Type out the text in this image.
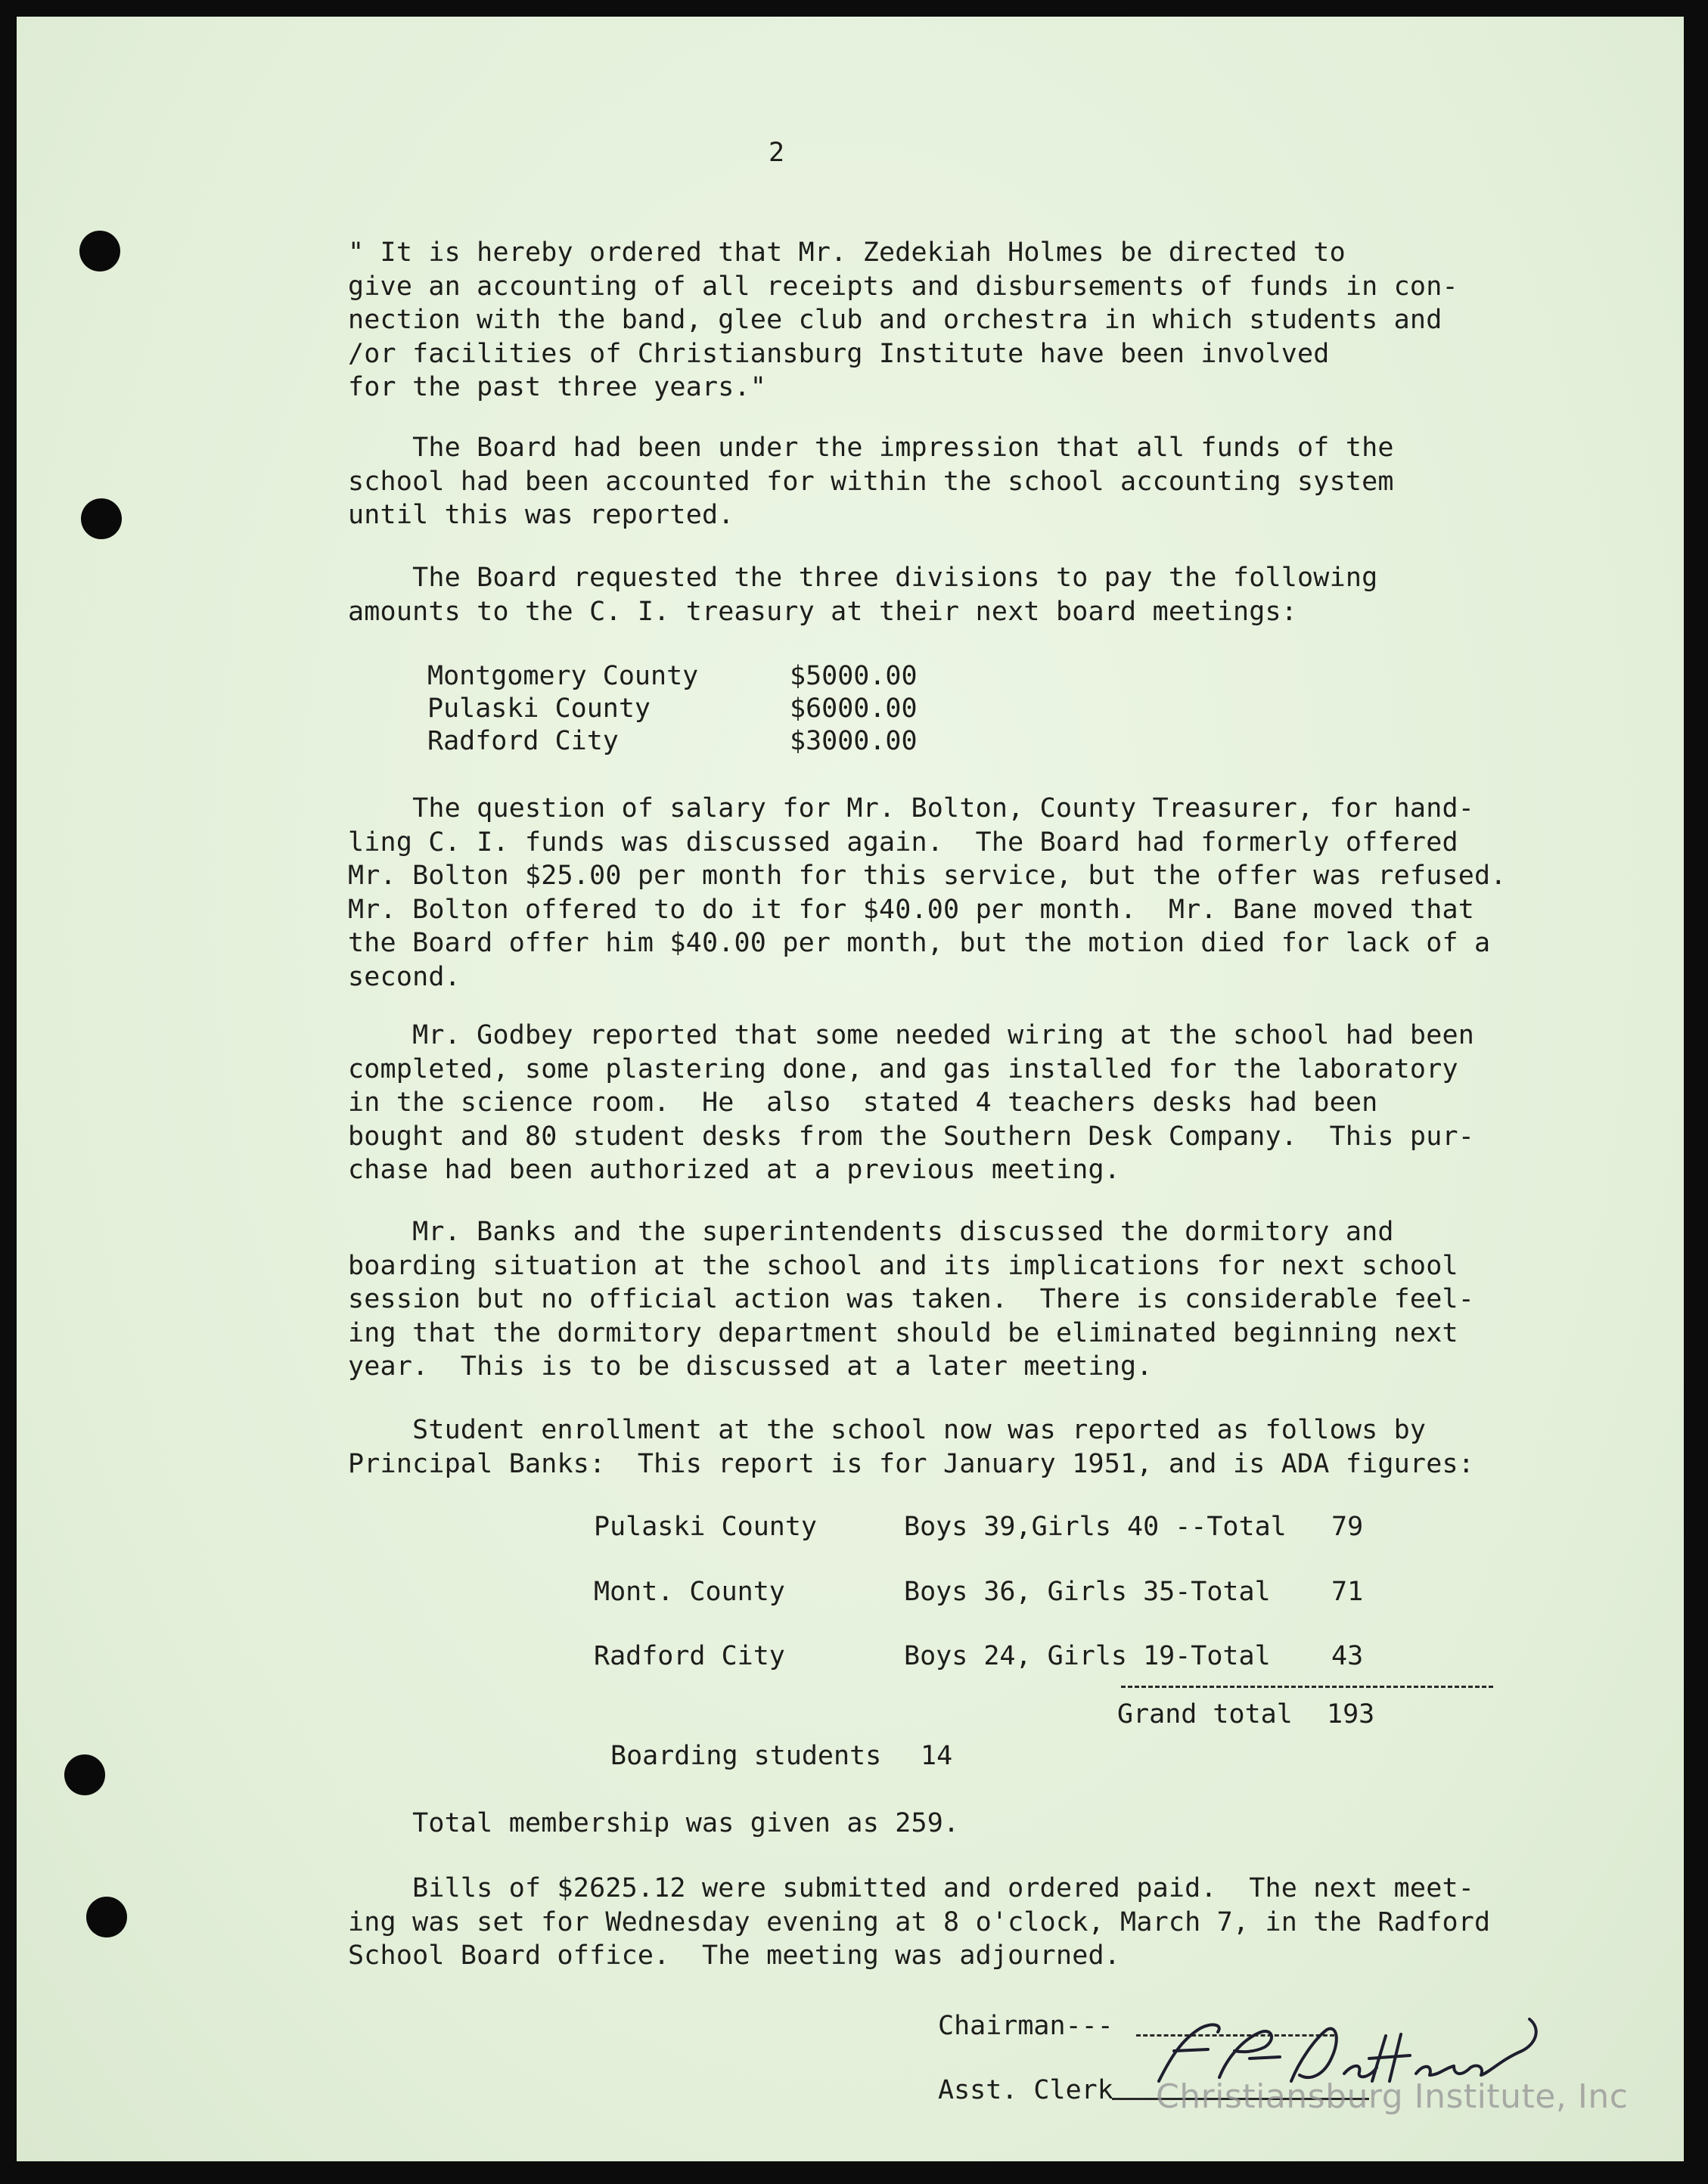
2
" It is hereby ordered that Mr. Zedekiah Holmes be directed to
give an accounting of all receipts and disbursements of funds in con-
nection with the band, glee club and orchestra in which students and
/or facilities of Christiansburg Institute have been involved
for the past three years."
The Board had been under the impression that all funds of the
school had been accounted for within the school accounting system
until this was reported.
The Board requested the three divisions to pay the following
amounts to the C. I. treasury at their next board meetings:
Montgomery County	$5000.00
Pulaski County	$6000.00
Radford City	$3000.00
The question of salary for Mr. Bolton, County Treasurer, for hand-
ling C. I. funds was discussed again.  The Board had formerly offered
Mr. Bolton $25.00 per month for this service, but the offer was refused.
Mr. Bolton offered to do it for $40.00 per month.  Mr. Bane moved that
the Board offer him $40.00 per month, but the motion died for lack of a
second.
Mr. Godbey reported that some needed wiring at the school had been
completed, some plastering done, and gas installed for the laboratory
in the science room.  He  also  stated 4 teachers desks had been
bought and 80 student desks from the Southern Desk Company.  This pur-
chase had been authorized at a previous meeting.
Mr. Banks and the superintendents discussed the dormitory and
boarding situation at the school and its implications for next school
session but no official action was taken.  There is considerable feel-
ing that the dormitory department should be eliminated beginning next
year.  This is to be discussed at a later meeting.
Student enrollment at the school now was reported as follows by
Principal Banks:  This report is for January 1951, and is ADA figures:
Pulaski County	Boys 39,Girls 40 --Total 79
Mont. County	Boys 36, Girls 35-Total 71
Radford City	Boys 24, Girls 19-Total 43
Grand total 193
Boarding students 14
Total membership was given as 259.
Bills of $2625.12 were submitted and ordered paid.  The next meet-
ing was set for Wednesday evening at 8 o'clock, March 7, in the Radford
School Board office.  The meeting was adjourned.
Chairman---
Asst. Clerk Christiansburg Institute, Inc
